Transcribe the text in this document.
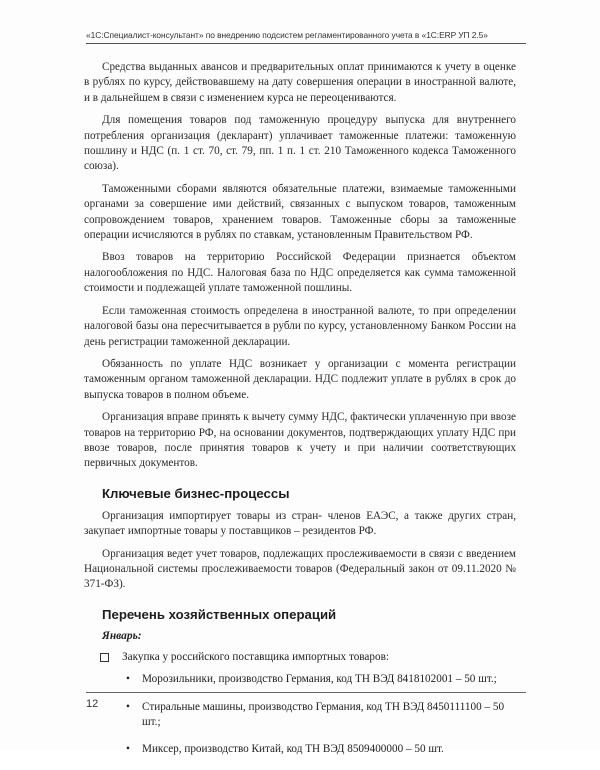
«1С:Специалист-консультант» по внедрению подсистем регламентированного учета в «1С:ERP УП 2.5»

Средства выданных авансов и предварительных оплат принимаются к учету в оценке в рублях по курсу, действовавшему на дату совершения операции в иностранной валюте, и в дальнейшем в связи с изменением курса не переоцениваются.

Для помещения товаров под таможенную процедуру выпуска для внутреннего потребления организация (декларант) уплачивает таможенные платежи: таможенную пошлину и НДС (п. 1 ст. 70, ст. 79, пп. 1 п. 1 ст. 210 Таможенного кодекса Таможенного союза).

Таможенными сборами являются обязательные платежи, взимаемые таможенными органами за совершение ими действий, связанных с выпуском товаров, таможенным сопровождением товаров, хранением товаров. Таможенные сборы за таможенные операции исчисляются в рублях по ставкам, установленным Правительством РФ.

Ввоз товаров на территорию Российской Федерации признается объектом налогообложения по НДС. Налоговая база по НДС определяется как сумма таможенной стоимости и подлежащей уплате таможенной пошлины.

Если таможенная стоимость определена в иностранной валюте, то при определении налоговой базы она пересчитывается в рубли по курсу, установленному Банком России на день регистрации таможенной декларации.

Обязанность по уплате НДС возникает у организации с момента регистрации таможенным органом таможенной декларации. НДС подлежит уплате в рублях в срок до выпуска товаров в полном объеме.

Организация вправе принять к вычету сумму НДС, фактически уплаченную при ввозе товаров на территорию РФ, на основании документов, подтверждающих уплату НДС при ввозе товаров, после принятия товаров к учету и при наличии соответствующих первичных документов.

Ключевые бизнес-процессы

Организация импортирует товары из стран- членов ЕАЭС, а также других стран, закупает импортные товары у поставщиков – резидентов РФ.

Организация ведет учет товаров, подлежащих прослеживаемости в связи с введением Национальной системы прослеживаемости товаров (Федеральный закон от 09.11.2020 № 371-ФЗ).

Перечень хозяйственных операций
Январь:
Закупка у российского поставщика импортных товаров:
• Морозильники, производство Германия, код ТН ВЭД 8418102001 – 50 шт.;
• Стиральные машины, производство Германия, код ТН ВЭД 8450111100 – 50 шт.;
• Миксер, производство Китай, код ТН ВЭД 8509400000 – 50 шт.
12
